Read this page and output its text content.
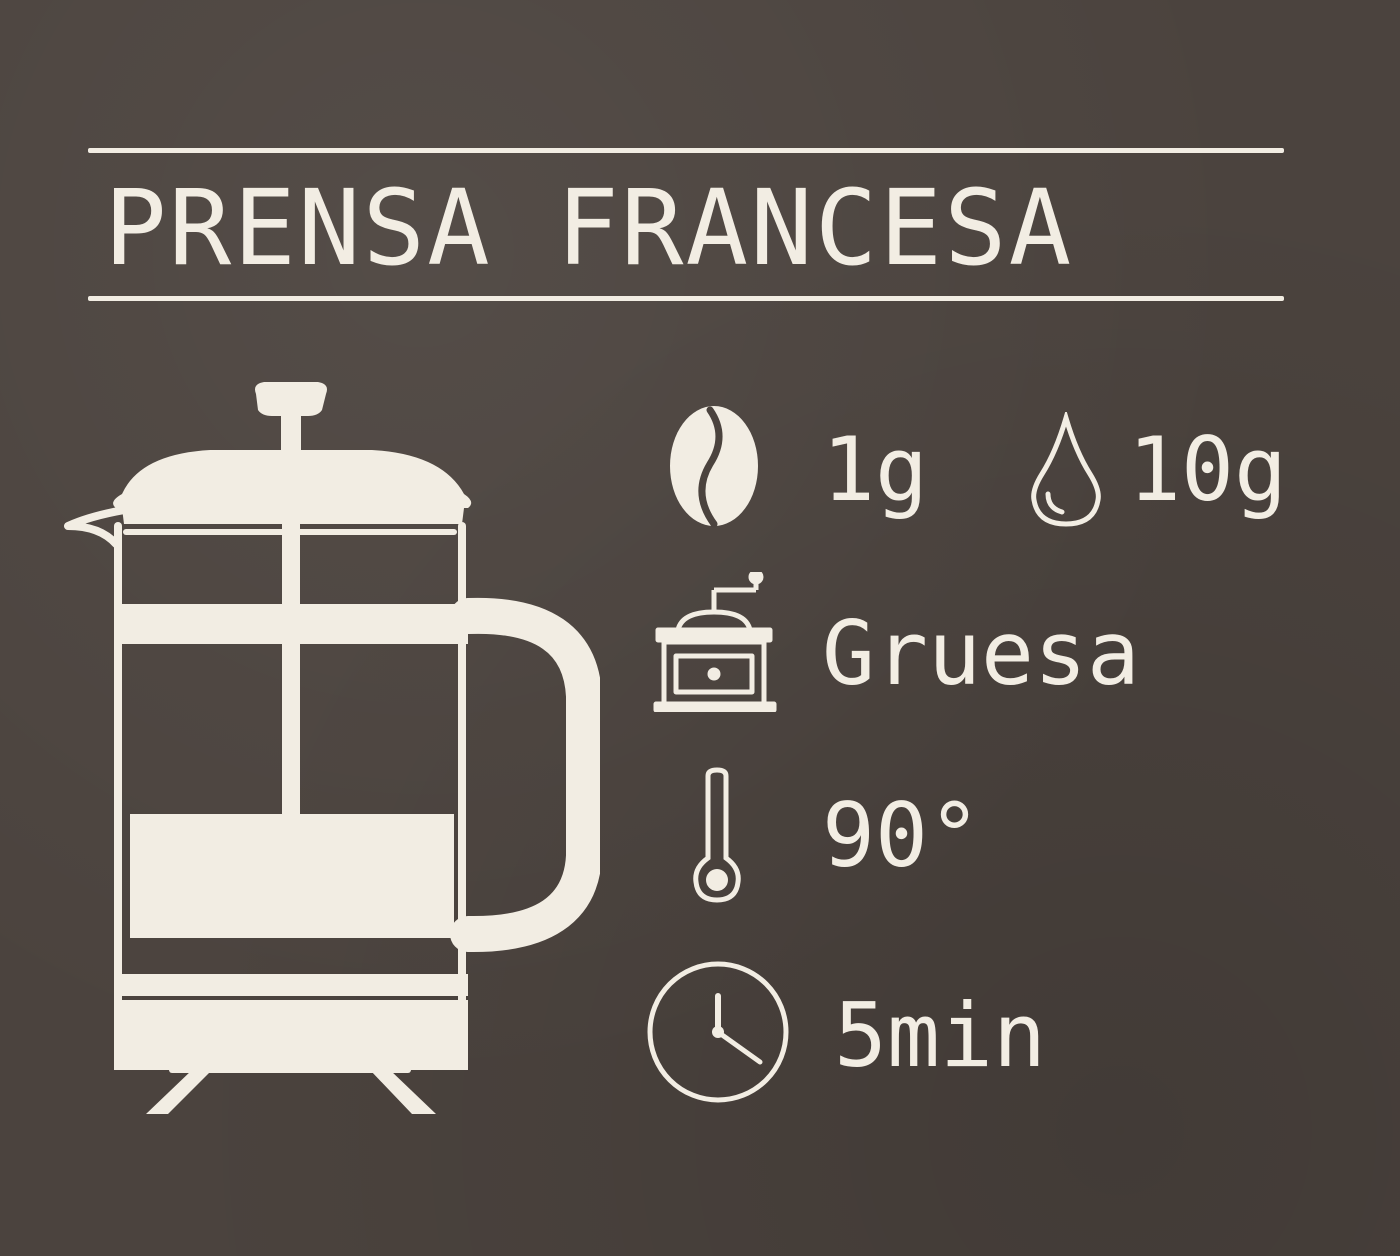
PRENSA FRANCESA
1g 10g
Gruesa
90°
5min
